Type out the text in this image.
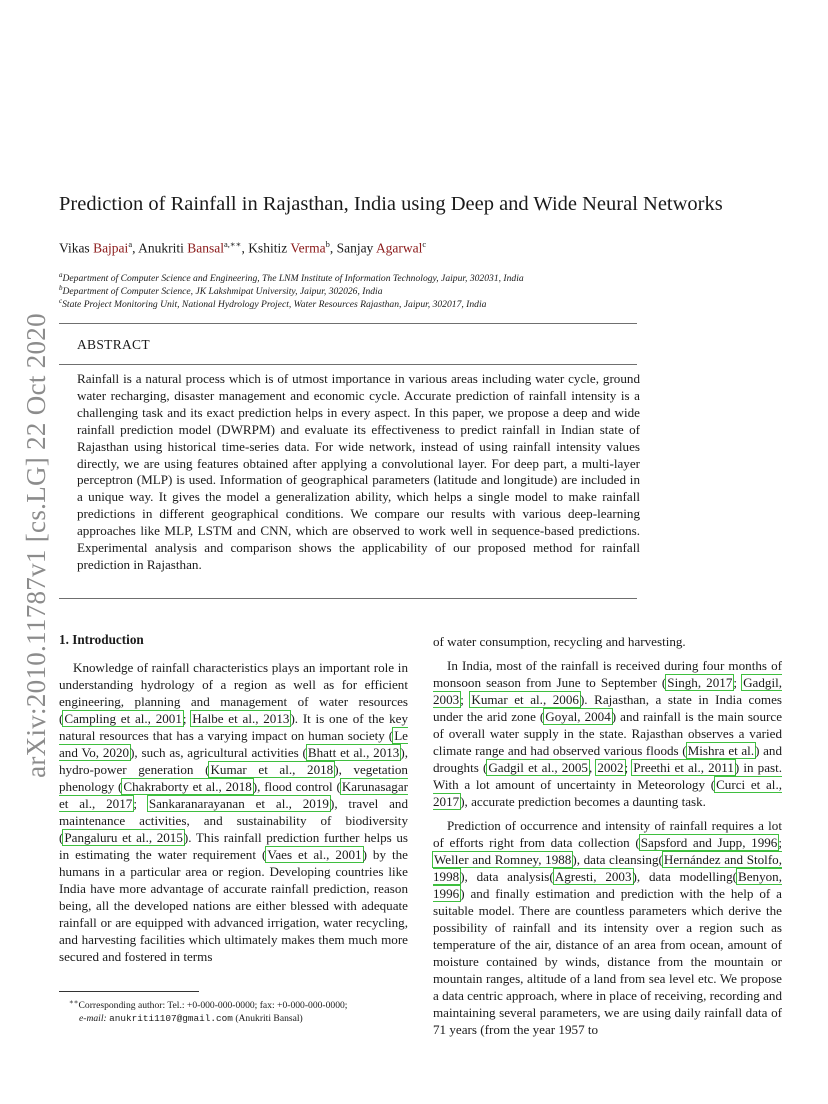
arXiv:2010.11787v1 [cs.LG] 22 Oct 2020
Prediction of Rainfall in Rajasthan, India using Deep and Wide Neural Networks
Vikas Bajpai$^a$, Anukriti Bansal$^{a,∗∗}$, Kshitiz Verma$^b$, Sanjay Agarwal$^c$
$^a$Department of Computer Science and Engineering, The LNM Institute of Information Technology, Jaipur, 302031, India
$^b$Department of Computer Science, JK Lakshmipat University, Jaipur, 302026, India
$^c$State Project Monitoring Unit, National Hydrology Project, Water Resources Rajasthan, Jaipur, 302017, India
ABSTRACT
Rainfall is a natural process which is of utmost importance in various areas including water cycle, ground water recharging, disaster management and economic cycle. Accurate prediction of rainfall intensity is a challenging task and its exact prediction helps in every aspect. In this paper, we propose a deep and wide rainfall prediction model (DWRPM) and evaluate its effectiveness to predict rainfall in Indian state of Rajasthan using historical time-series data. For wide network, instead of using rainfall intensity values directly, we are using features obtained after applying a convolutional layer. For deep part, a multi-layer perceptron (MLP) is used. Information of geographical parameters (latitude and longitude) are included in a unique way. It gives the model a generalization ability, which helps a single model to make rainfall predictions in different geographical conditions. We compare our results with various deep-learning approaches like MLP, LSTM and CNN, which are observed to work well in sequence-based predictions. Experimental analysis and comparison shows the applicability of our proposed method for rainfall prediction in Rajasthan.
1. Introduction

Knowledge of rainfall characteristics plays an important role in understanding hydrology of a region as well as for efficient engineering, planning and management of water resources (Campling et al., 2001; Halbe et al., 2013). It is one of the key natural resources that has a varying impact on human society (Le and Vo, 2020), such as, agricultural activities (Bhatt et al., 2013), hydro-power generation (Kumar et al., 2018), vegetation phenology (Chakraborty et al., 2018), flood control (Karunasagar et al., 2017; Sankaranarayanan et al., 2019), travel and maintenance activities, and sustainability of biodiversity (Pangaluru et al., 2015). This rainfall prediction further helps us in estimating the water requirement (Vaes et al., 2001) by the humans in a particular area or region. Developing countries like India have more advantage of accurate rainfall prediction, reason being, all the developed nations are either blessed with adequate rainfall or are equipped with advanced irrigation, water recycling, and harvesting facilities which ultimately makes them much more secured and fostered in terms

of water consumption, recycling and harvesting.

In India, most of the rainfall is received during four months of monsoon season from June to September (Singh, 2017; Gadgil, 2003; Kumar et al., 2006). Rajasthan, a state in India comes under the arid zone (Goyal, 2004) and rainfall is the main source of overall water supply in the state. Rajasthan observes a varied climate range and had observed various floods (Mishra et al.) and droughts (Gadgil et al., 2005, 2002; Preethi et al., 2011) in past. With a lot amount of uncertainty in Meteorology (Curci et al., 2017), accurate prediction becomes a daunting task.

Prediction of occurrence and intensity of rainfall requires a lot of efforts right from data collection (Sapsford and Jupp, 1996; Weller and Romney, 1988), data cleansing(Hernández and Stolfo, 1998), data analysis(Agresti, 2003), data modelling(Benyon, 1996) and finally estimation and prediction with the help of a suitable model. There are countless parameters which derive the possibility of rainfall and its intensity over a region such as temperature of the air, distance of an area from ocean, amount of moisture contained by winds, distance from the mountain or mountain ranges, altitude of a land from sea level etc. We propose a data centric approach, where in place of receiving, recording and maintaining several parameters, we are using daily rainfall data of 71 years (from the year 1957 to

∗∗Corresponding author: Tel.: +0-000-000-0000; fax: +0-000-000-0000;
e-mail: anukriti1107@gmail.com (Anukriti Bansal)
